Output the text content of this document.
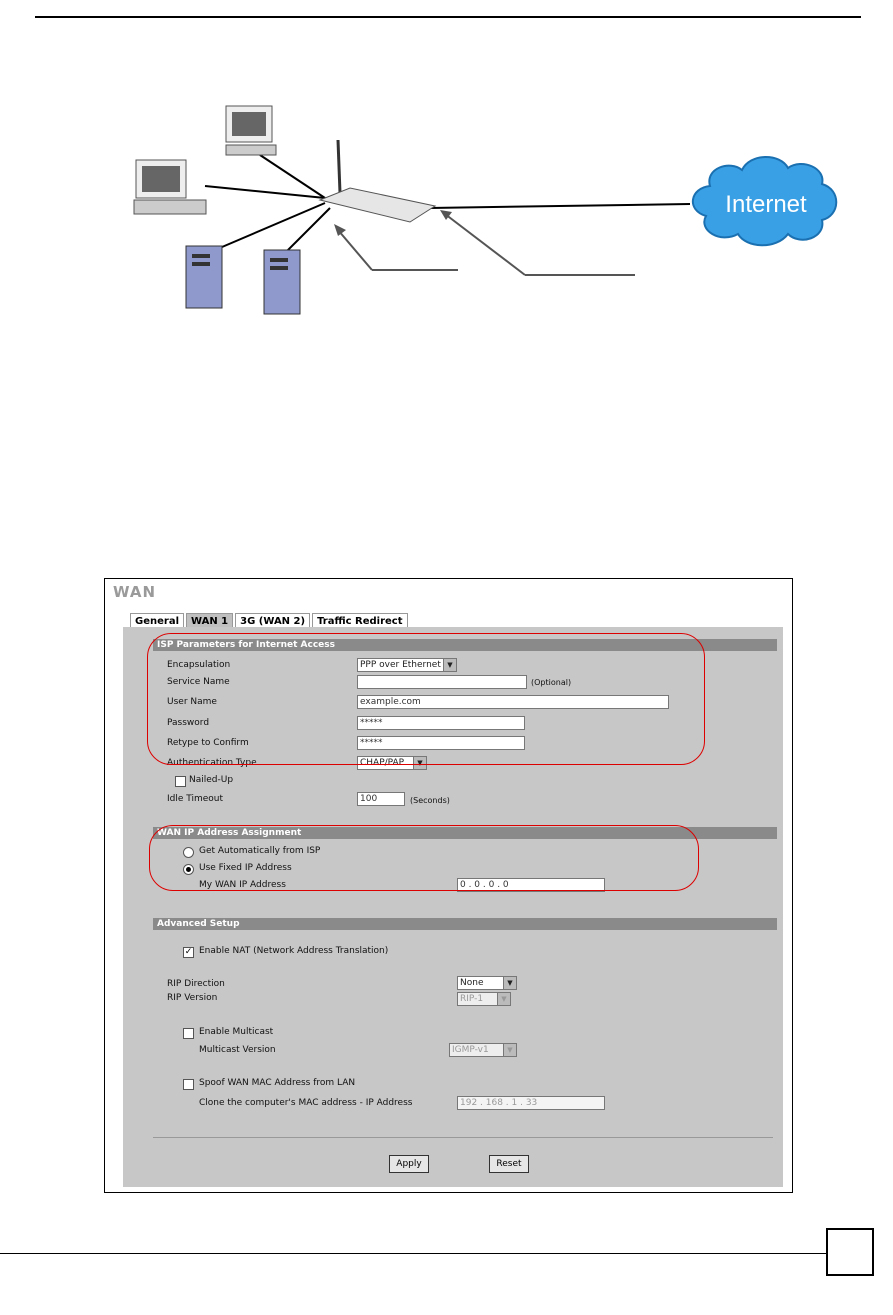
Internet
WAN
General	WAN 1	3G (WAN 2)	Traffic Redirect
ISP Parameters for Internet Access
Encapsulation	PPP over Ethernet ▼
Service Name	(Optional)
User Name	example.com
Password	*****
Retype to Confirm	*****
Authentication Type	CHAP/PAP	▼
Nailed-Up
Idle Timeout	100	(Seconds)
WAN IP Address Assignment
Get Automatically from ISP
Use Fixed IP Address
My WAN IP Address	0 . 0 . 0 . 0
Advanced Setup
✓ Enable NAT (Network Address Translation)
RIP Direction	None	▼
RIP Version	RIP-1	▼
Enable Multicast
Multicast Version	IGMP-v1	▼
Spoof WAN MAC Address from LAN
Clone the computer's MAC address - IP Address	192 . 168 . 1 . 33
Apply	Reset
